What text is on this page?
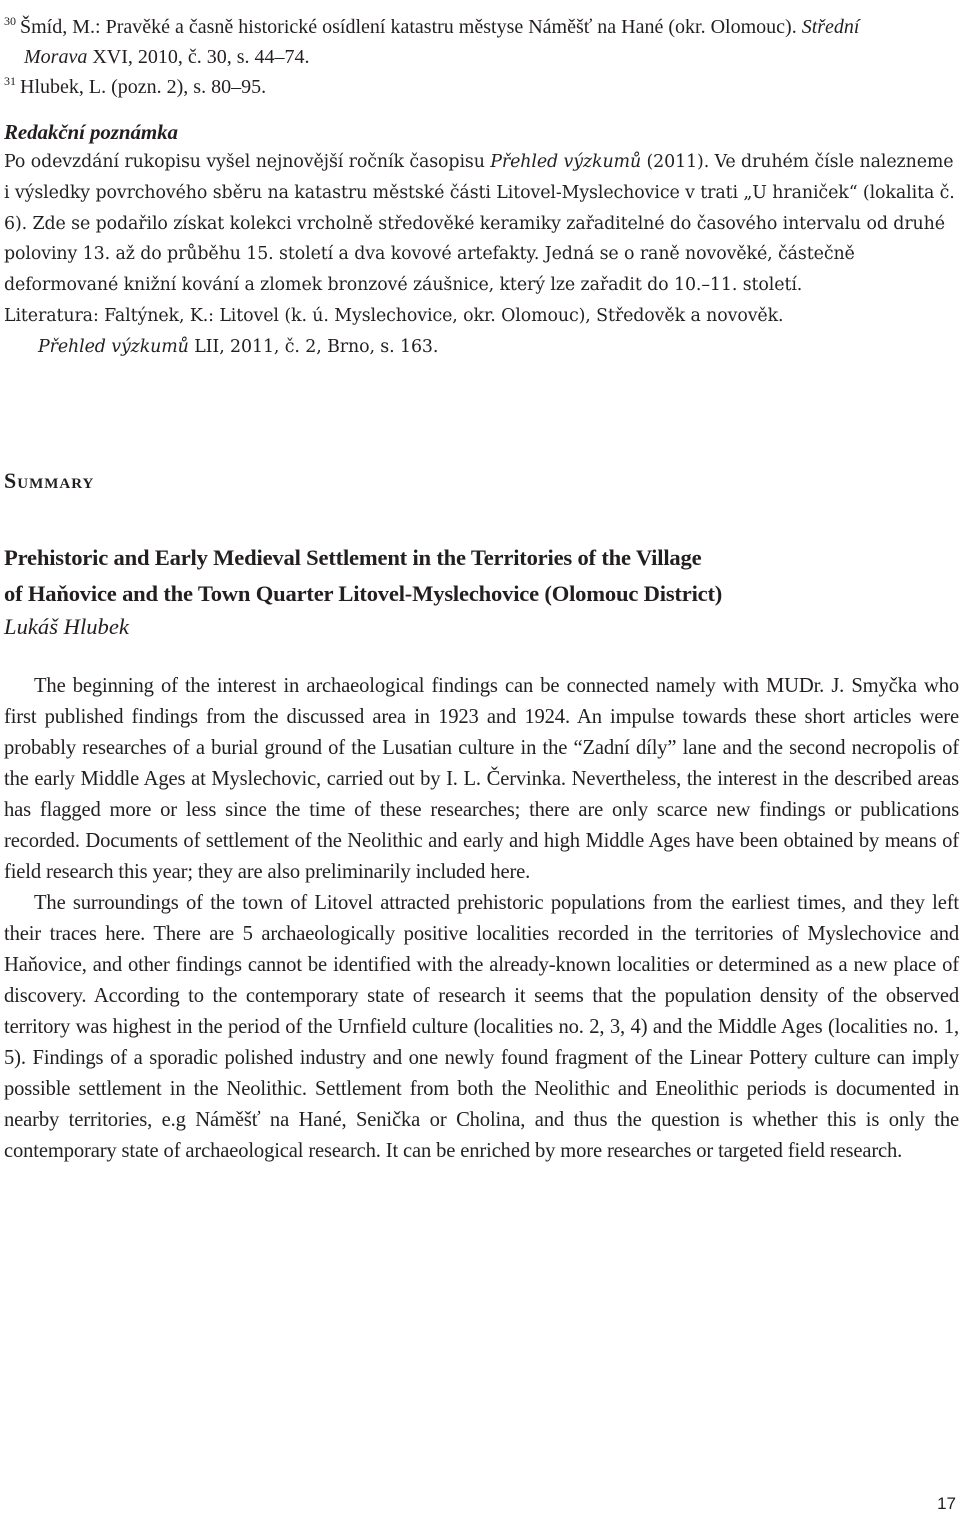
$^{30}$ Šmíd, M.: Pravěké a časně historické osídlení katastru městyse Náměšť na Hané (okr. Olomouc). Střední
Morava XVI, 2010, č. 30, s. 44–74.

$^{31}$ Hlubek, L. (pozn. 2), s. 80–95.

Redakční poznámka

Po odevzdání rukopisu vyšel nejnovější ročník časopisu Přehled výzkumů (2011). Ve druhém čísle nalezneme i výsledky povrchového sběru na katastru městské části Litovel-Myslechovice v trati „U hraniček“ (lokalita č. 6). Zde se podařilo získat kolekci vrcholně středověké keramiky zařaditelné do časového intervalu od druhé poloviny 13. až do průběhu 15. století a dva kovové artefakty. Jedná se o raně novověké, částečně deformované knižní kování a zlomek bronzové záušnice, který lze zařadit do 10.–11. století.

Literatura: Faltýnek, K.: Litovel (k. ú. Myslechovice, okr. Olomouc), Středověk a novověk.

Přehled výzkumů LII, 2011, č. 2, Brno, s. 163.

Summary

Prehistoric and Early Medieval Settlement in the Territories of the Village
of Haňovice and the Town Quarter Litovel-Myslechovice (Olomouc District)

Lukáš Hlubek

The beginning of the interest in archaeological findings can be connected namely with MUDr. J. Smyčka who first published findings from the discussed area in 1923 and 1924. An impulse towards these short articles were probably researches of a burial ground of the Lusatian culture in the “Zadní díly” lane and the second necropolis of the early Middle Ages at Myslechovic, carried out by I. L. Červinka. Nevertheless, the interest in the described areas has flagged more or less since the time of these researches; there are only scarce new findings or publications recorded. Documents of settlement of the Neolithic and early and high Middle Ages have been obtained by means of field research this year; they are also preliminarily included here.

The surroundings of the town of Litovel attracted prehistoric populations from the earliest times, and they left their traces here. There are 5 archaeologically positive localities recorded in the territories of Myslechovice and Haňovice, and other findings cannot be identified with the already-known localities or determined as a new place of discovery. According to the contemporary state of research it seems that the population density of the observed territory was highest in the period of the Urnfield culture (localities no. 2, 3, 4) and the Middle Ages (localities no. 1, 5). Findings of a sporadic polished industry and one newly found fragment of the Linear Pottery culture can imply possible settlement in the Neolithic. Settlement from both the Neolithic and Eneolithic periods is documented in nearby territories, e.g Náměšť na Hané, Senička or Cholina, and thus the question is whether this is only the contemporary state of archaeological research. It can be enriched by more researches or targeted field research.

17
